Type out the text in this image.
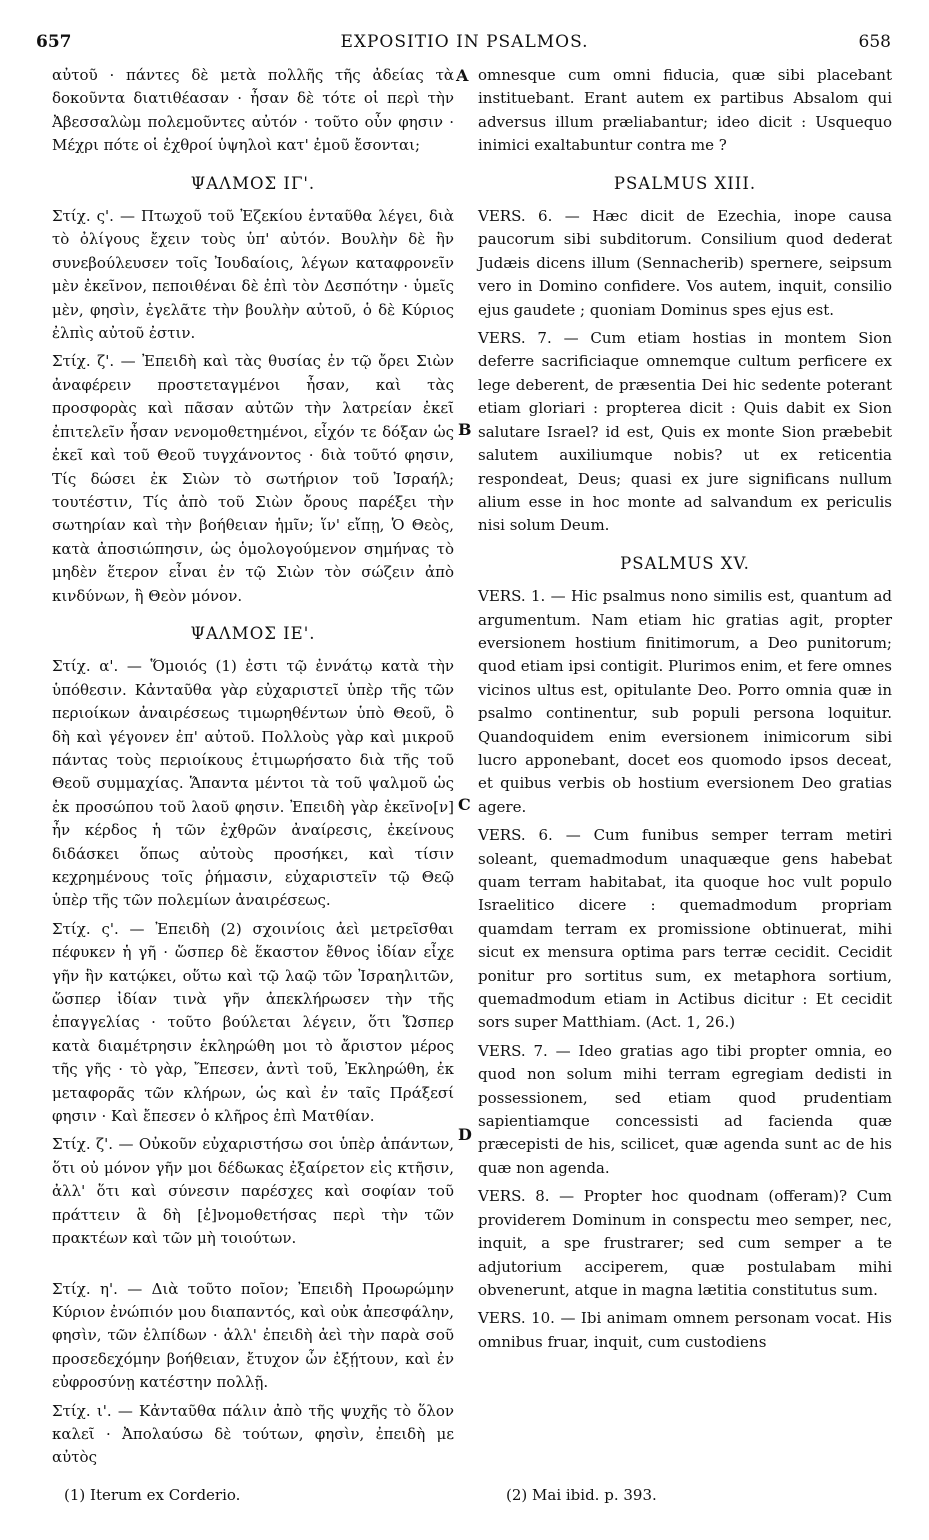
657	EXPOSITIO IN PSALMOS.	658

αὐτοῦ · πάντες δὲ μετὰ πολλῆς τῆς ἀδείας τὰ δοκοῦντα διατιθέασαν · ἦσαν δὲ τότε οἱ περὶ τὴν Ἀβεσσαλὼμ πολεμοῦντες αὐτόν · τοῦτο οὖν φησιν · Μέχρι πότε οἱ ἐχθροί ὑψηλοὶ κατ' ἐμοῦ ἔσονται;

ΨΑΛΜΟΣ ΙΓ'.

Στίχ. ς'. — Πτωχοῦ τοῦ Ἐζεκίου ἐνταῦθα λέγει, διὰ τὸ ὀλίγους ἔχειν τοὺς ὑπ' αὐτόν. Βουλὴν δὲ ἣν συνεβούλευσεν τοῖς Ἰουδαίοις, λέγων καταφρονεῖν μὲν ἐκεῖνον, πεποιθέναι δὲ ἐπὶ τὸν Δεσπότην · ὑμεῖς μὲν, φησὶν, ἐγελᾶτε τὴν βουλὴν αὐτοῦ, ὁ δὲ Κύριος ἐλπὶς αὐτοῦ ἐστιν.

Στίχ. ζ'. — Ἐπειδὴ καὶ τὰς θυσίας ἐν τῷ ὄρει Σιὼν ἀναφέρειν προστεταγμένοι ἦσαν, καὶ τὰς προσφορὰς καὶ πᾶσαν αὐτῶν τὴν λατρείαν ἐκεῖ ἐπιτελεῖν ἦσαν νενομοθετημένοι, εἶχόν τε δόξαν ὡς ἐκεῖ καὶ τοῦ Θεοῦ τυγχάνοντος · διὰ τοῦτό φησιν, Τίς δώσει ἐκ Σιὼν τὸ σωτήριον τοῦ Ἰσραήλ; τουτέστιν, Τίς ἀπὸ τοῦ Σιὼν ὄρους παρέξει τὴν σωτηρίαν καὶ τὴν βοήθειαν ἡμῖν; ἵν' εἴπῃ, Ὁ Θεὸς, κατὰ ἀποσιώπησιν, ὡς ὁμολογούμενον σημήνας τὸ μηδὲν ἕτερον εἶναι ἐν τῷ Σιὼν τὸν σώζειν ἀπὸ κινδύνων, ἢ Θεὸν μόνον.

ΨΑΛΜΟΣ ΙΕ'.

Στίχ. α'. — Ὅμοιός (1) ἐστι τῷ ἐννάτῳ κατὰ τὴν ὑπόθεσιν. Κἀνταῦθα γὰρ εὐχαριστεῖ ὑπὲρ τῆς τῶν περιοίκων ἀναιρέσεως τιμωρηθέντων ὑπὸ Θεοῦ, ὃ δὴ καὶ γέγονεν ἐπ' αὐτοῦ. Πολλοὺς γὰρ καὶ μικροῦ πάντας τοὺς περιοίκους ἐτιμωρήσατο διὰ τῆς τοῦ Θεοῦ συμμαχίας. Ἅπαντα μέντοι τὰ τοῦ ψαλμοῦ ὡς ἐκ προσώπου τοῦ λαοῦ φησιν. Ἐπειδὴ γὰρ ἐκεῖνο[ν] ἦν κέρδος ἡ τῶν ἐχθρῶν ἀναίρεσις, ἐκείνους διδάσκει ὅπως αὐτοὺς προσήκει, καὶ τίσιν κεχρημένους τοῖς ῥήμασιν, εὐχαριστεῖν τῷ Θεῷ ὑπὲρ τῆς τῶν πολεμίων ἀναιρέσεως.

Στίχ. ς'. — Ἐπειδὴ (2) σχοινίοις ἀεὶ μετρεῖσθαι πέφυκεν ἡ γῆ · ὥσπερ δὲ ἕκαστον ἔθνος ἰδίαν εἶχε γῆν ἣν κατῴκει, οὕτω καὶ τῷ λαῷ τῶν Ἰσραηλιτῶν, ὥσπερ ἰδίαν τινὰ γῆν ἀπεκλήρωσεν τὴν τῆς ἐπαγγελίας · τοῦτο βούλεται λέγειν, ὅτι Ὥσπερ κατὰ διαμέτρησιν ἐκληρώθη μοι τὸ ἄριστον μέρος τῆς γῆς · τὸ γὰρ, Ἔπεσεν, ἀντὶ τοῦ, Ἐκληρώθη, ἐκ μεταφορᾶς τῶν κλήρων, ὡς καὶ ἐν ταῖς Πράξεσί φησιν · Καὶ ἔπεσεν ὁ κλῆρος ἐπὶ Ματθίαν.

Στίχ. ζ'. — Οὐκοῦν εὐχαριστήσω σοι ὑπὲρ ἁπάντων, ὅτι οὐ μόνον γῆν μοι δέδωκας ἐξαίρετον εἰς κτῆσιν, ἀλλ' ὅτι καὶ σύνεσιν παρέσχες καὶ σοφίαν τοῦ πράττειν ἃ δὴ [ἐ]νομοθετήσας περὶ τὴν τῶν πρακτέων καὶ τῶν μὴ τοιούτων.

Στίχ. η'. — Διὰ τοῦτο ποῖον; Ἐπειδὴ Προωρώμην Κύριον ἐνώπιόν μου διαπαντός, καὶ οὐκ ἀπεσφάλην, φησὶν, τῶν ἐλπίδων · ἀλλ' ἐπειδὴ ἀεὶ τὴν παρὰ σοῦ προσεδεχόμην βοήθειαν, ἔτυχον ὧν ἐξῄτουν, καὶ ἐν εὐφροσύνῃ κατέστην πολλῇ.

Στίχ. ι'. — Κἀνταῦθα πάλιν ἀπὸ τῆς ψυχῆς τὸ ὅλον καλεῖ · Ἀπολαύσω δὲ τούτων, φησὶν, ἐπειδὴ με αὐτὸς

A
B
C
D

omnesque cum omni fiducia, quæ sibi placebant instituebant. Erant autem ex partibus Absalom qui adversus illum præliabantur; ideo dicit : Usquequo inimici exaltabuntur contra me ?

PSALMUS XIII.

VERS. 6. — Hæc dicit de Ezechia, inope causa paucorum sibi subditorum. Consilium quod dederat Judæis dicens illum (Sennacherib) spernere, seipsum vero in Domino confidere. Vos autem, inquit, consilio ejus gaudete ; quoniam Dominus spes ejus est.

VERS. 7. — Cum etiam hostias in montem Sion deferre sacrificiaque omnemque cultum perficere ex lege deberent, de præsentia Dei hic sedente poterant etiam gloriari : propterea dicit : Quis dabit ex Sion salutare Israel? id est, Quis ex monte Sion præbebit salutem auxiliumque nobis? ut ex reticentia respondeat, Deus; quasi ex jure significans nullum alium esse in hoc monte ad salvandum ex periculis nisi solum Deum.

PSALMUS XV.

VERS. 1. — Hic psalmus nono similis est, quantum ad argumentum. Nam etiam hic gratias agit, propter eversionem hostium finitimorum, a Deo punitorum; quod etiam ipsi contigit. Plurimos enim, et fere omnes vicinos ultus est, opitulante Deo. Porro omnia quæ in psalmo continentur, sub populi persona loquitur. Quandoquidem enim eversionem inimicorum sibi lucro apponebant, docet eos quomodo ipsos deceat, et quibus verbis ob hostium eversionem Deo gratias agere.

VERS. 6. — Cum funibus semper terram metiri soleant, quemadmodum unaquæque gens habebat quam terram habitabat, ita quoque hoc vult populo Israelitico dicere : quemadmodum propriam quamdam terram ex promissione obtinuerat, mihi sicut ex mensura optima pars terræ cecidit. Cecidit ponitur pro sortitus sum, ex metaphora sortium, quemadmodum etiam in Actibus dicitur : Et cecidit sors super Matthiam. (Act. 1, 26.)

VERS. 7. — Ideo gratias ago tibi propter omnia, eo quod non solum mihi terram egregiam dedisti in possessionem, sed etiam quod prudentiam sapientiamque concessisti ad facienda quæ præcepisti de his, scilicet, quæ agenda sunt ac de his quæ non agenda.

VERS. 8. — Propter hoc quodnam (offeram)? Cum providerem Dominum in conspectu meo semper, nec, inquit, a spe frustrarer; sed cum semper a te adjutorium acciperem, quæ postulabam mihi obvenerunt, atque in magna lætitia constitutus sum.

VERS. 10. — Ibi animam omnem personam vocat. His omnibus fruar, inquit, cum custodiens

(1) Iterum ex Corderio.	(2) Mai ibid. p. 393.
